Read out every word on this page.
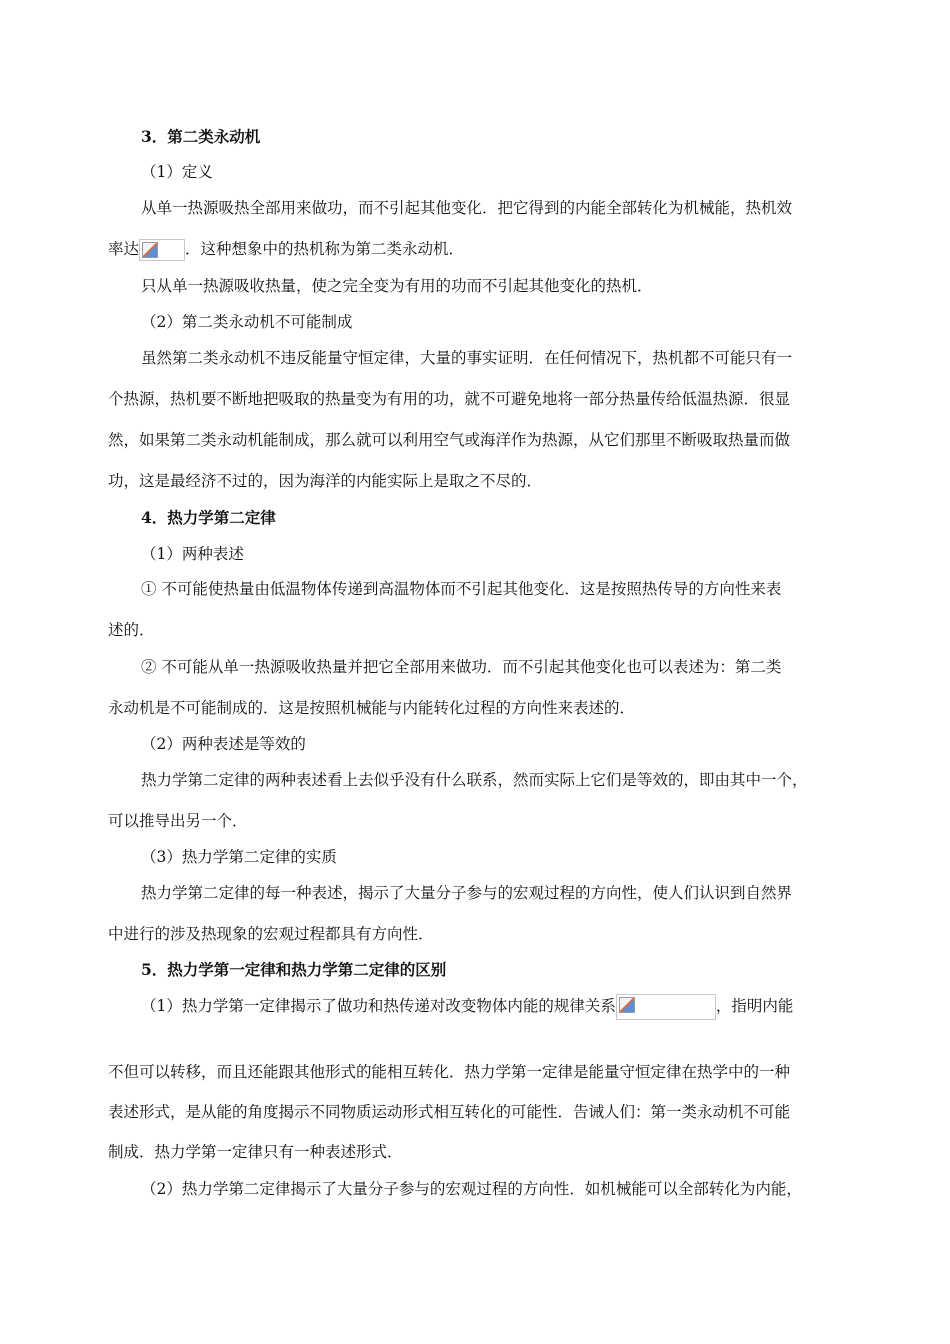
3．第二类永动机
（1）定义
从单一热源吸热全部用来做功，而不引起其他变化．把它得到的内能全部转化为机械能，热机效
率达	．这种想象中的热机称为第二类永动机．
只从单一热源吸收热量，使之完全变为有用的功而不引起其他变化的热机．
（2）第二类永动机不可能制成
虽然第二类永动机不违反能量守恒定律，大量的事实证明．在任何情况下，热机都不可能只有一
个热源，热机要不断地把吸取的热量变为有用的功，就不可避免地将一部分热量传给低温热源．很显
然，如果第二类永动机能制成，那么就可以利用空气或海洋作为热源，从它们那里不断吸取热量而做
功，这是最经济不过的，因为海洋的内能实际上是取之不尽的．
4．热力学第二定律
（1）两种表述
① 不可能使热量由低温物体传递到高温物体而不引起其他变化．这是按照热传导的方向性来表
述的．
② 不可能从单一热源吸收热量并把它全部用来做功．而不引起其他变化也可以表述为：第二类
永动机是不可能制成的．这是按照机械能与内能转化过程的方向性来表述的．
（2）两种表述是等效的
热力学第二定律的两种表述看上去似乎没有什么联系，然而实际上它们是等效的，即由其中一个，
可以推导出另一个．
（3）热力学第二定律的实质
热力学第二定律的每一种表述，揭示了大量分子参与的宏观过程的方向性，使人们认识到自然界
中进行的涉及热现象的宏观过程都具有方向性．
5．热力学第一定律和热力学第二定律的区别
（1）热力学第一定律揭示了做功和热传递对改变物体内能的规律关系	，指明内能
不但可以转移，而且还能跟其他形式的能相互转化．热力学第一定律是能量守恒定律在热学中的一种
表述形式，是从能的角度揭示不同物质运动形式相互转化的可能性．告诫人们：第一类永动机不可能
制成．热力学第一定律只有一种表述形式．
（2）热力学第二定律揭示了大量分子参与的宏观过程的方向性．如机械能可以全部转化为内能，
